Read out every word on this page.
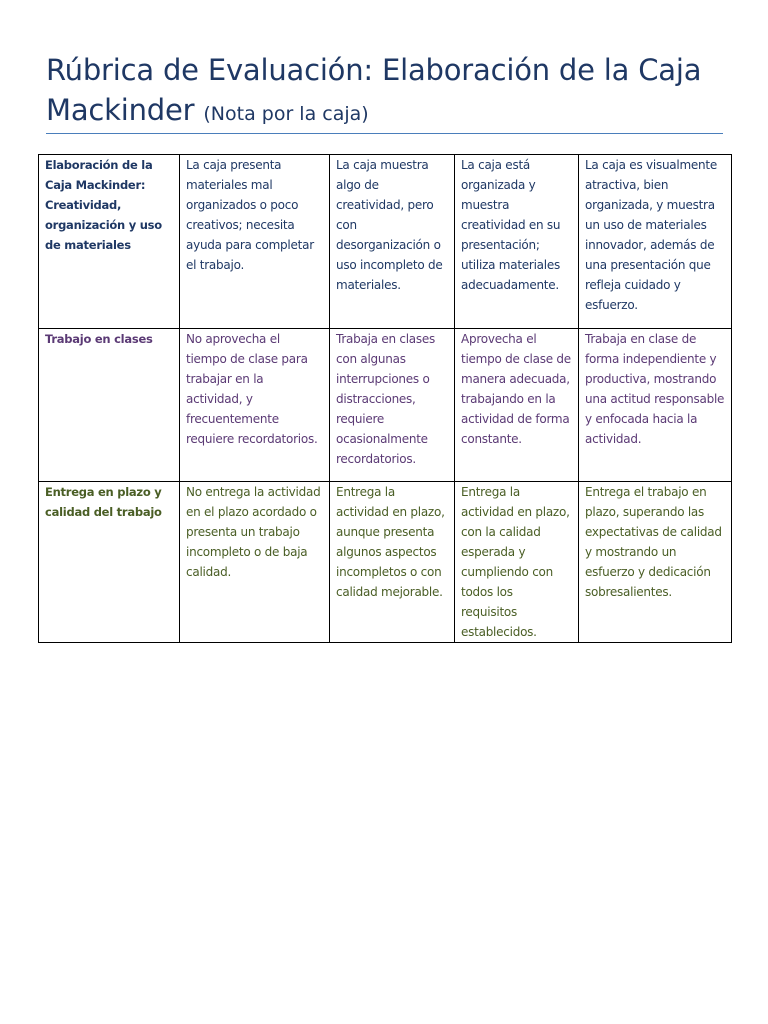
Rúbrica de Evaluación: Elaboración de la Caja Mackinder (Nota por la caja)
Elaboración de la Caja Mackinder: Creatividad, organización y uso de materiales	La caja presenta materiales mal organizados o poco creativos; necesita ayuda para completar el trabajo.	La caja muestra algo de creatividad, pero con desorganización o uso incompleto de materiales.	La caja está organizada y muestra creatividad en su presentación; utiliza materiales adecuadamente.	La caja es visualmente atractiva, bien organizada, y muestra un uso de materiales innovador, además de una presentación que refleja cuidado y esfuerzo.
Trabajo en clases	No aprovecha el tiempo de clase para trabajar en la actividad, y frecuentemente requiere recordatorios.	Trabaja en clases con algunas interrupciones o distracciones, requiere ocasionalmente recordatorios.	Aprovecha el tiempo de clase de manera adecuada, trabajando en la actividad de forma constante.	Trabaja en clase de forma independiente y productiva, mostrando una actitud responsable y enfocada hacia la actividad.
Entrega en plazo y calidad del trabajo	No entrega la actividad en el plazo acordado o presenta un trabajo incompleto o de baja calidad.	Entrega la actividad en plazo, aunque presenta algunos aspectos incompletos o con calidad mejorable.	Entrega la actividad en plazo, con la calidad esperada y cumpliendo con todos los requisitos establecidos.	Entrega el trabajo en plazo, superando las expectativas de calidad y mostrando un esfuerzo y dedicación sobresalientes.
